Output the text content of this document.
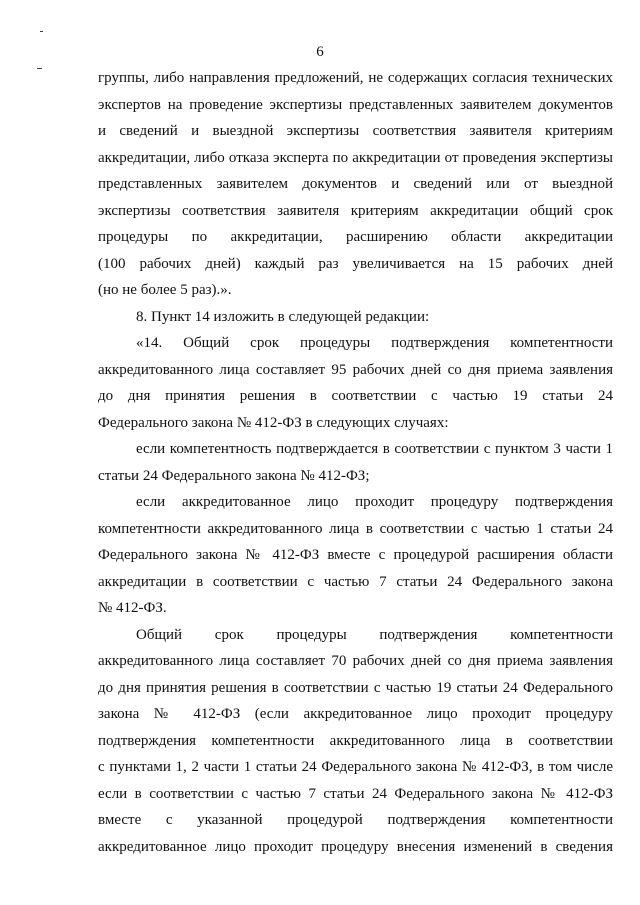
6
группы, либо направления предложений, не содержащих согласия технических
экспертов на проведение экспертизы представленных заявителем документов
и сведений и выездной экспертизы соответствия заявителя критериям
аккредитации, либо отказа эксперта по аккредитации от проведения экспертизы
представленных заявителем документов и сведений или от выездной
экспертизы соответствия заявителя критериям аккредитации общий срок
процедуры по аккредитации, расширению области аккредитации
(100 рабочих дней) каждый раз увеличивается на 15 рабочих дней
(но не более 5 раз).».
8. Пункт 14 изложить в следующей редакции:
«14. Общий срок процедуры подтверждения компетентности
аккредитованного лица составляет 95 рабочих дней со дня приема заявления
до дня принятия решения в соответствии с частью 19 статьи 24
Федерального закона № 412-ФЗ в следующих случаях:
если компетентность подтверждается в соответствии с пунктом 3 части 1
статьи 24 Федерального закона № 412-ФЗ;
если аккредитованное лицо проходит процедуру подтверждения
компетентности аккредитованного лица в соответствии с частью 1 статьи 24
Федерального закона № 412-ФЗ вместе с процедурой расширения области
аккредитации в соответствии с частью 7 статьи 24 Федерального закона
№ 412-ФЗ.
Общий срок процедуры подтверждения компетентности
аккредитованного лица составляет 70 рабочих дней со дня приема заявления
до дня принятия решения в соответствии с частью 19 статьи 24 Федерального
закона № 412-ФЗ (если аккредитованное лицо проходит процедуру
подтверждения компетентности аккредитованного лица в соответствии
с пунктами 1, 2 части 1 статьи 24 Федерального закона № 412-ФЗ, в том числе
если в соответствии с частью 7 статьи 24 Федерального закона № 412-ФЗ
вместе с указанной процедурой подтверждения компетентности
аккредитованное лицо проходит процедуру внесения изменений в сведения
